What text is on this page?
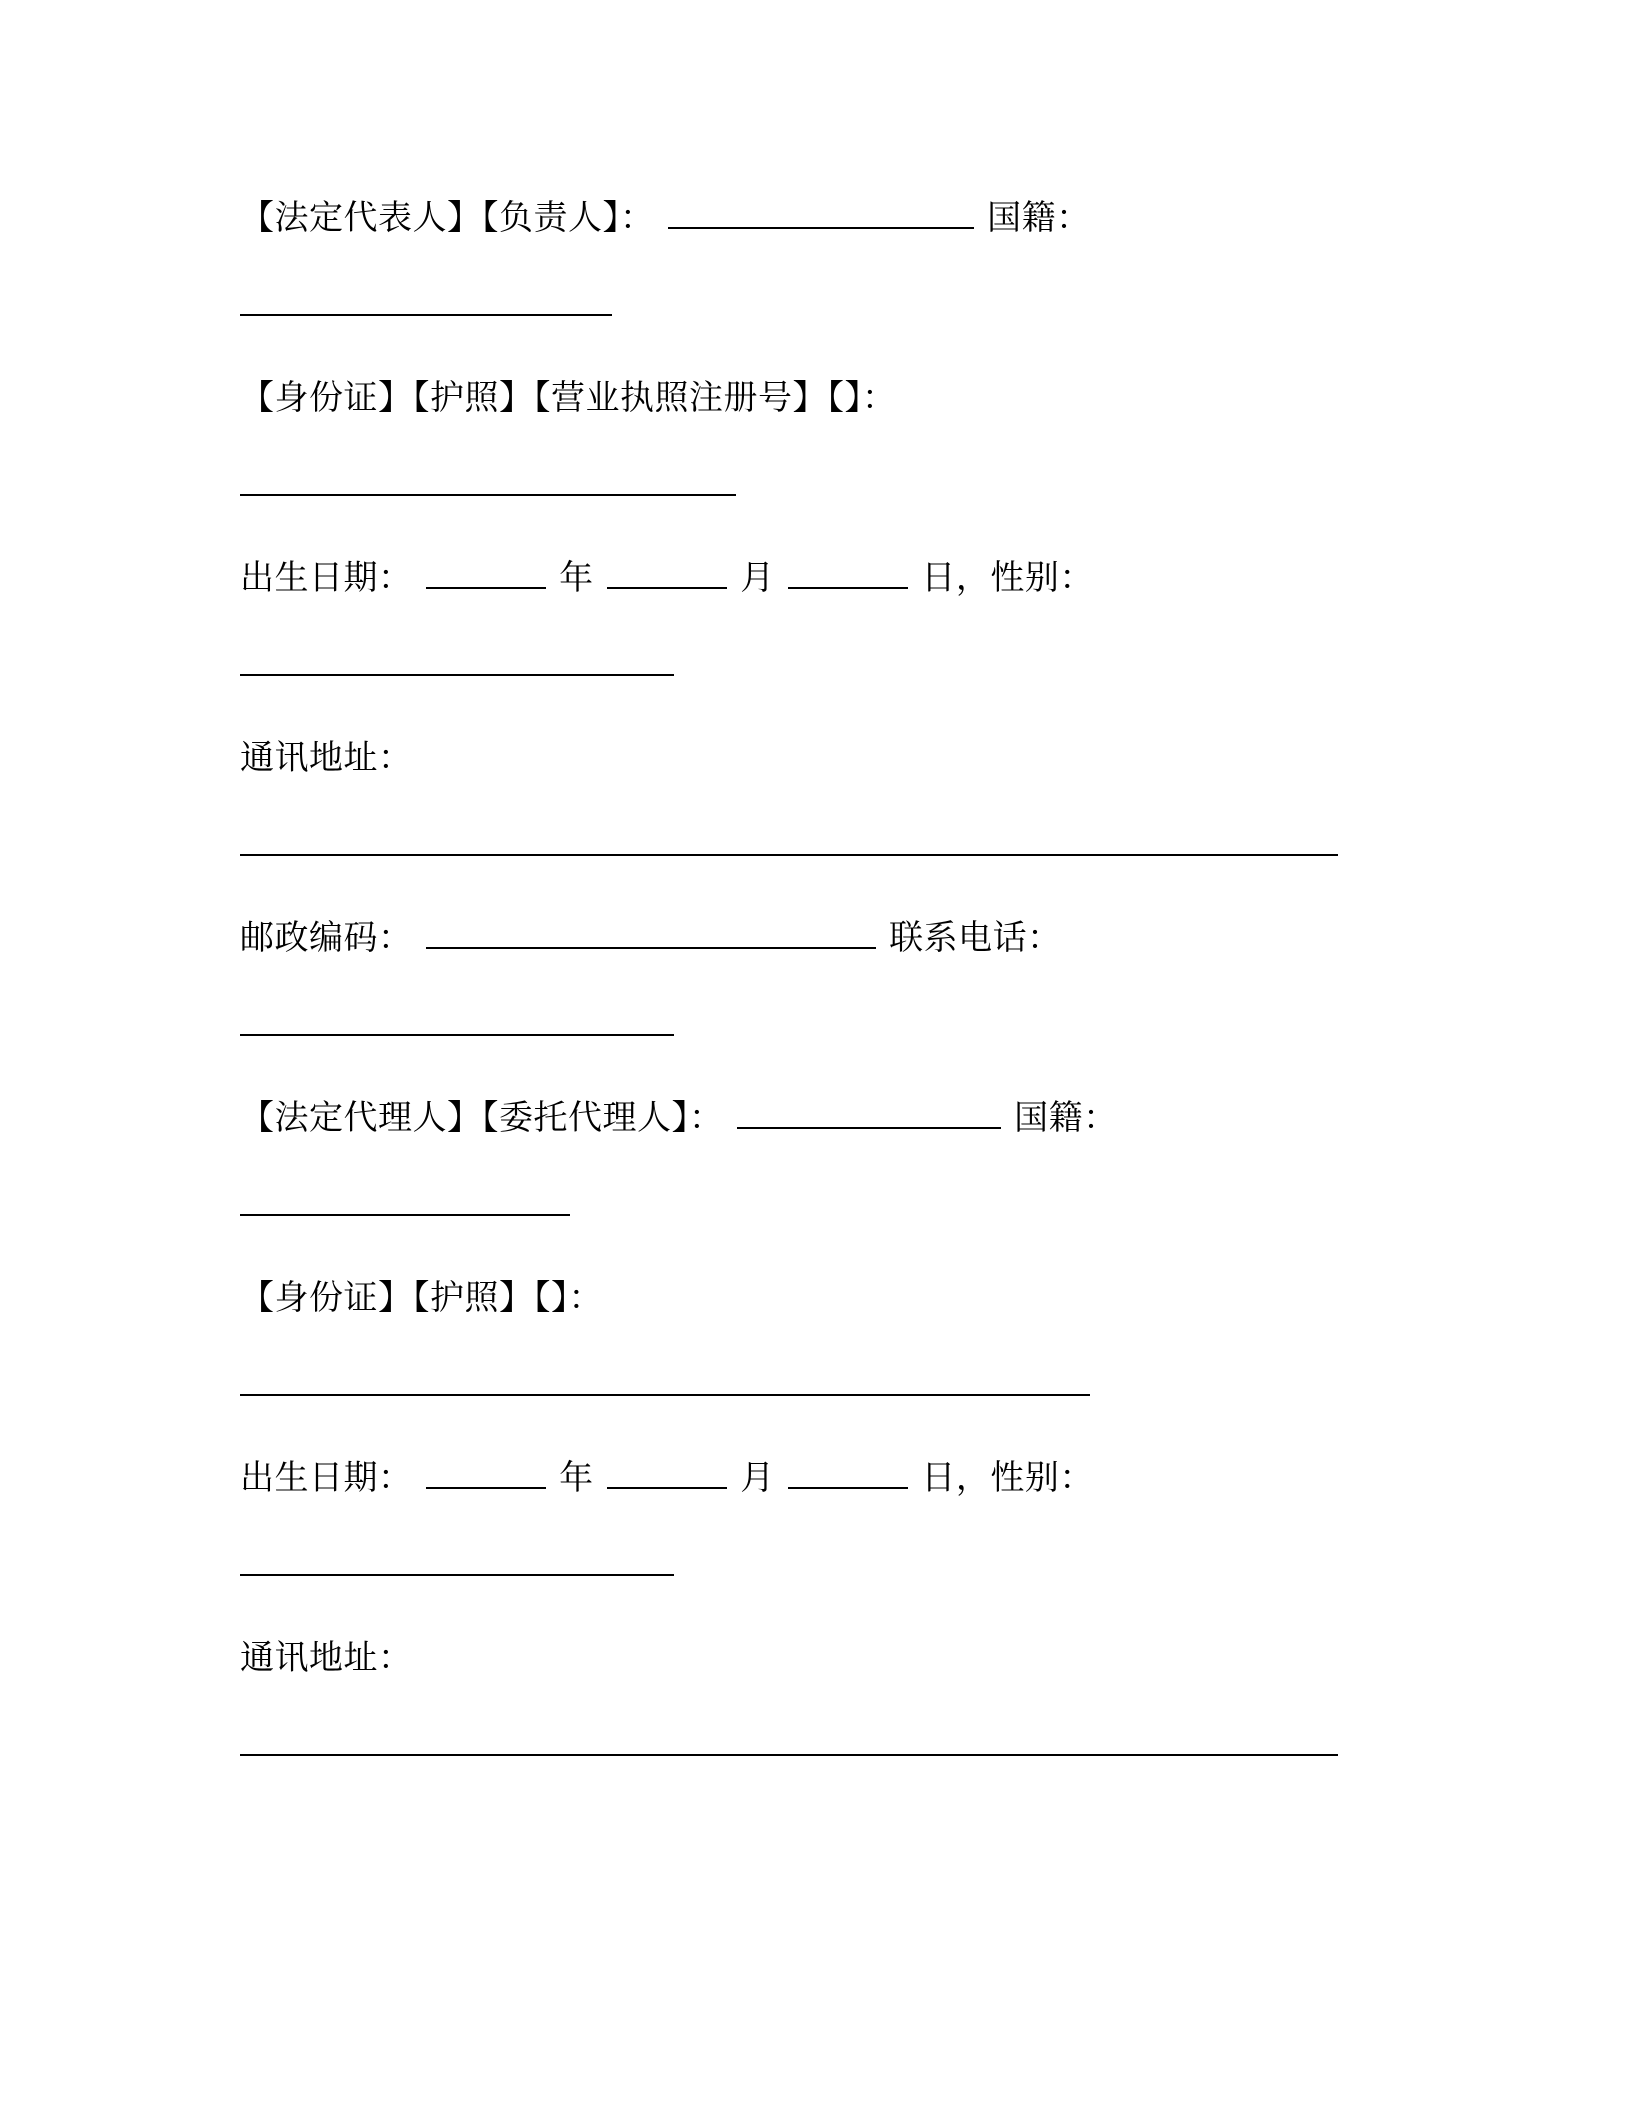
【法定代表人】【负责人】：	国籍：
【身份证】【护照】【营业执照注册号】【】：
出生日期：	年	月	日，性别：
通讯地址：
邮政编码：	联系电话：
【法定代理人】【委托代理人】：	国籍：
【身份证】【护照】【】：
出生日期：	年	月	日，性别：
通讯地址：
